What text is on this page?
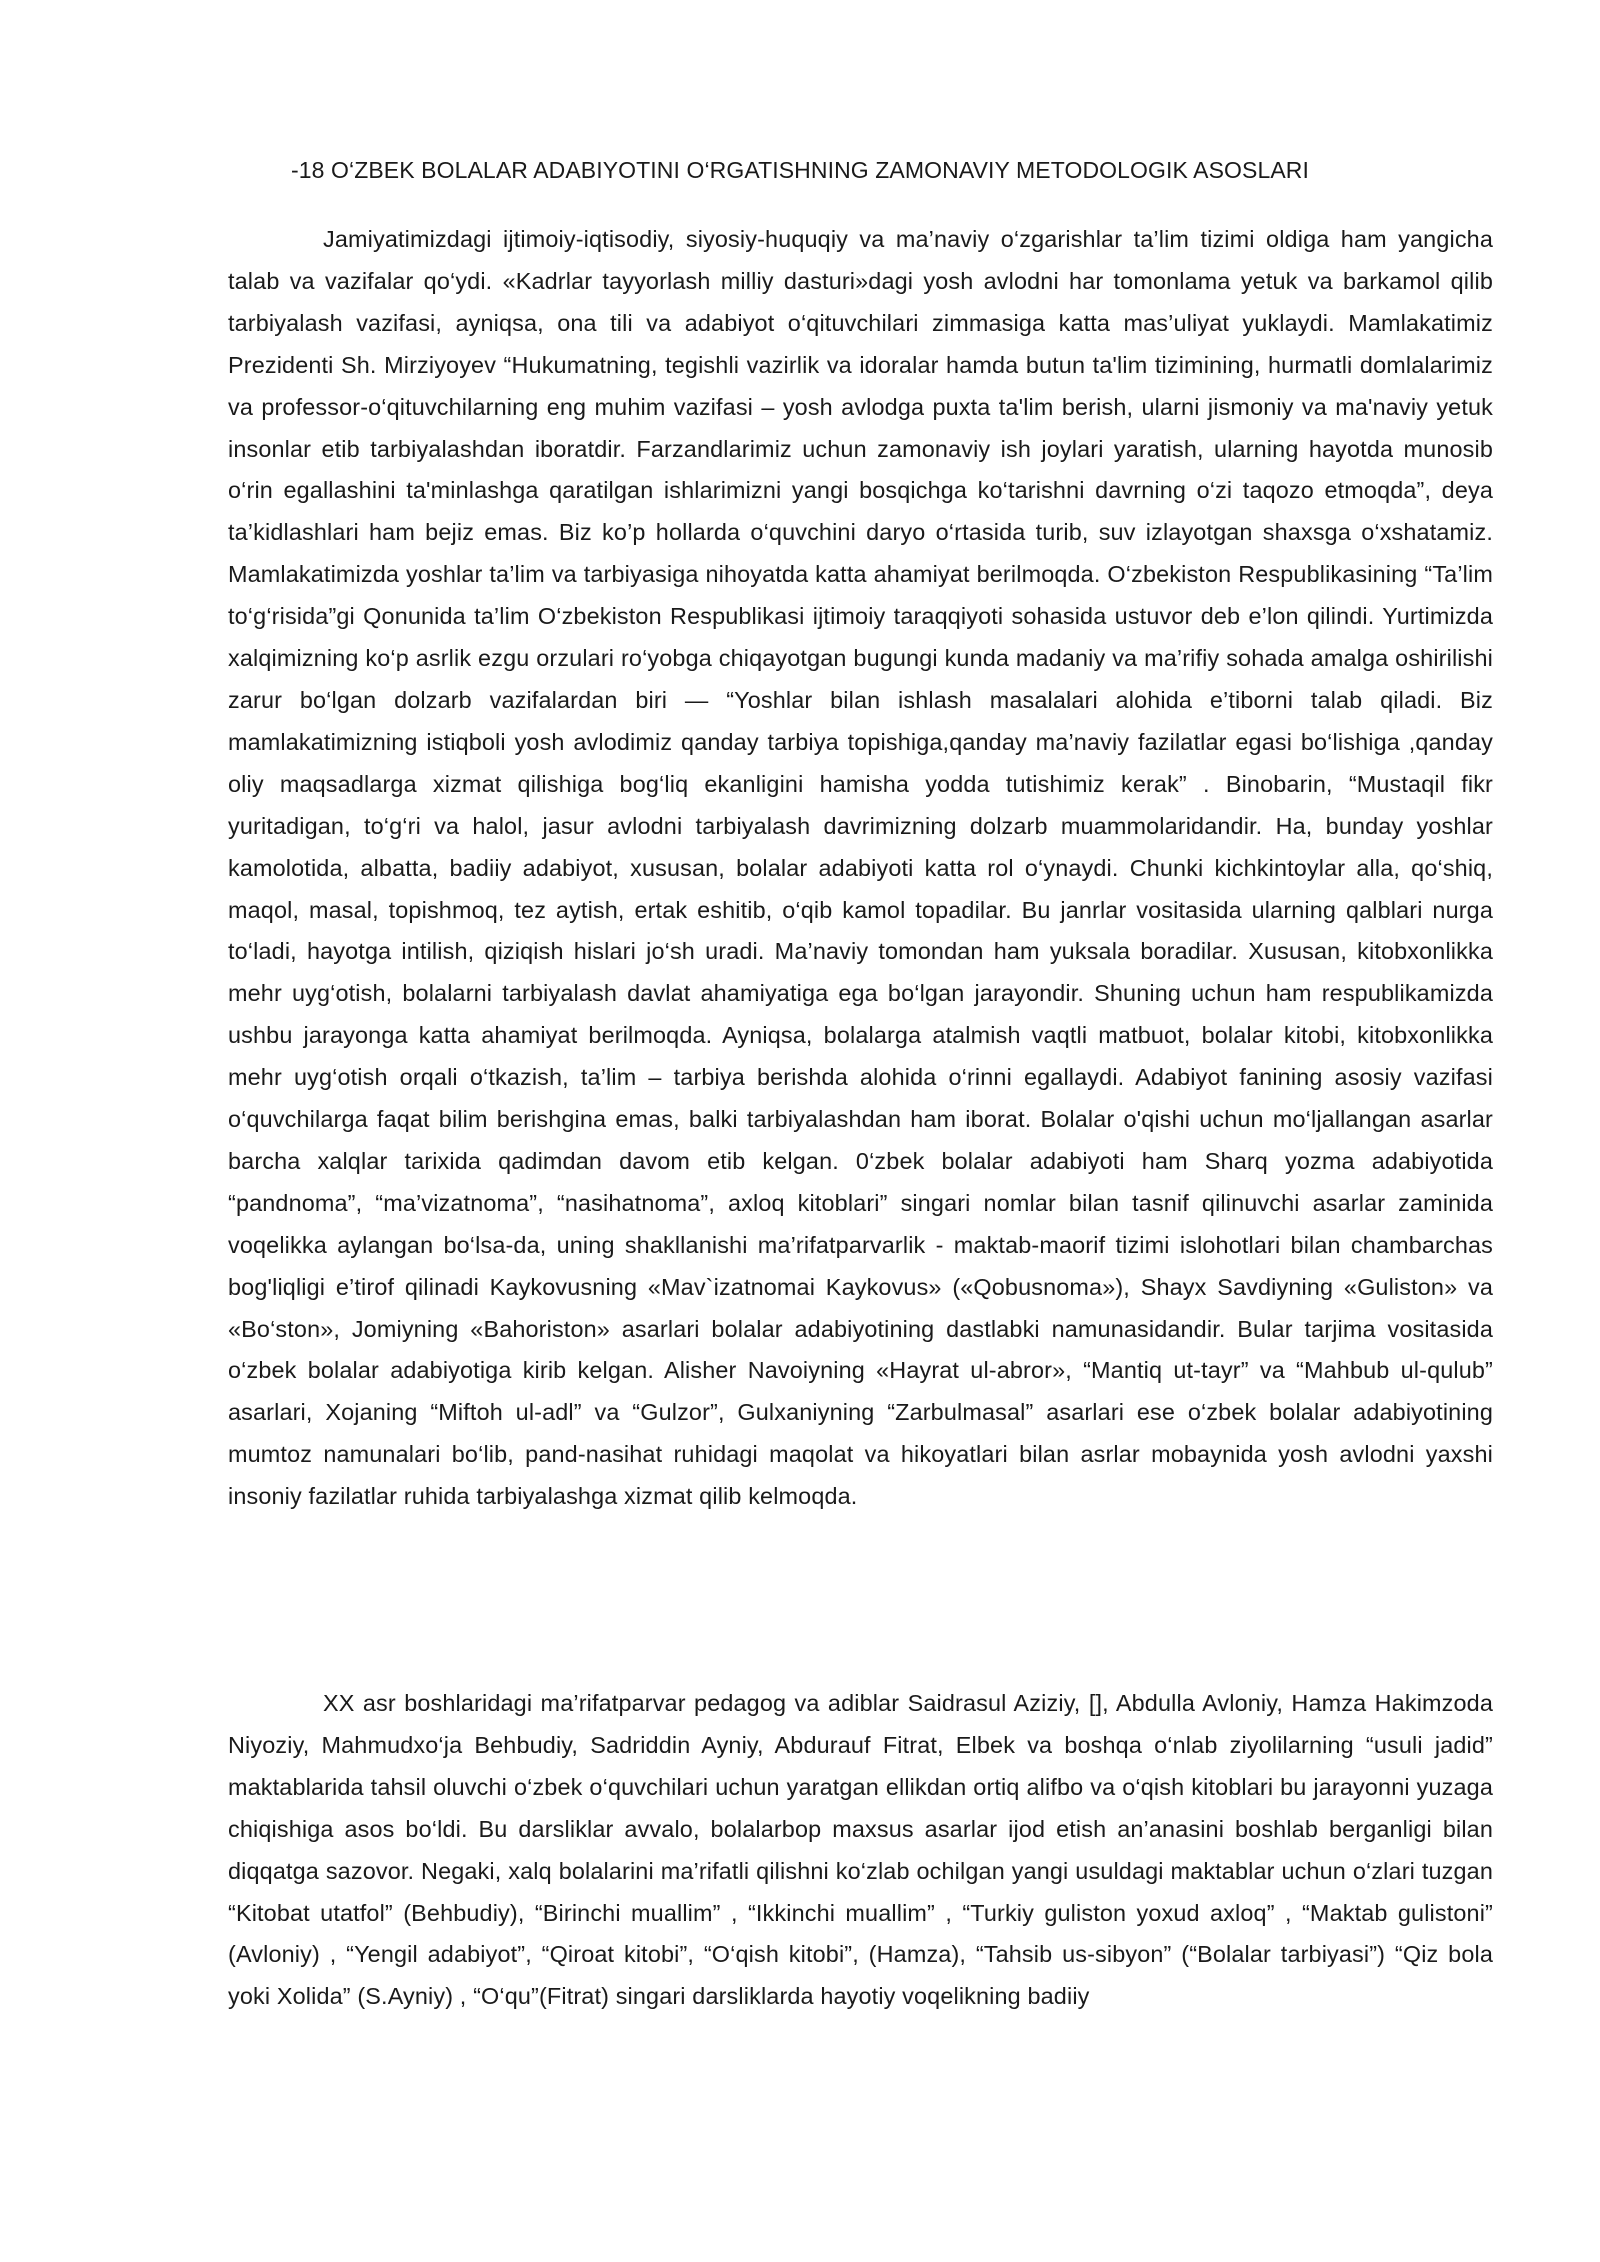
-18 O‘ZBEK BOLALAR ADABIYOTINI O‘RGATISHNING ZAMONAVIY METODOLOGIK ASOSLARI

Jamiyatimizdagi ijtimoiy-iqtisodiy, siyosiy-huquqiy va ma’naviy o‘zgarishlar ta’lim tizimi oldiga ham yangicha talab va vazifalar qo‘ydi. «Kadrlar tayyorlash milliy dasturi»dagi yosh avlodni har tomonlama yetuk va barkamol qilib tarbiyalash vazifasi, ayniqsa, ona tili va adabiyot o‘qituvchilari zimmasiga katta mas’uliyat yuklaydi. Mamlakatimiz Prezidenti Sh. Mirziyoyev “Hukumatning, tegishli vazirlik va idoralar hamda butun ta'lim tizimining, hurmatli domlalarimiz va professor-o‘qituvchilarning eng muhim vazifasi – yosh avlodga puxta ta'lim berish, ularni jismoniy va ma'naviy yetuk insonlar etib tarbiyalashdan iboratdir. Farzandlarimiz uchun zamonaviy ish joylari yaratish, ularning hayotda munosib o‘rin egallashini ta'minlashga qaratilgan ishlarimizni yangi bosqichga ko‘tarishni davrning o‘zi taqozo etmoqda”, deya ta’kidlashlari ham bejiz emas. Biz ko’p hollarda o‘quvchini daryo o‘rtasida turib, suv izlayotgan shaxsga o‘xshatamiz. Mamlakatimizda yoshlar ta’lim va tarbiyasiga nihoyatda katta ahamiyat berilmoqda. O‘zbekiston Respublikasining “Ta’lim to‘g‘risida”gi Qonunida ta’lim O‘zbekiston Respublikasi ijtimoiy taraqqiyoti sohasida ustuvor deb e’lon qilindi. Yurtimizda xalqimizning ko‘p asrlik ezgu orzulari ro‘yobga chiqayotgan bugungi kunda madaniy va ma’rifiy sohada amalga oshirilishi zarur bo‘lgan dolzarb vazifalardan biri — “Yoshlar bilan ishlash masalalari alohida e’tiborni talab qiladi. Biz mamlakatimizning istiqboli yosh avlodimiz qanday tarbiya topishiga,qanday ma’naviy fazilatlar egasi bo‘lishiga ,qanday oliy maqsadlarga xizmat qilishiga bog‘liq ekanligini hamisha yodda tutishimiz kerak” . Binobarin, “Mustaqil fikr yuritadigan, to‘g‘ri va halol, jasur avlodni tarbiyalash davrimizning dolzarb muammolaridandir. Ha, bunday yoshlar kamolotida, albatta, badiiy adabiyot, xususan, bolalar adabiyoti katta rol o‘ynaydi. Chunki kichkintoylar alla, qo‘shiq, maqol, masal, topishmoq, tez aytish, ertak eshitib, o‘qib kamol topadilar. Bu janrlar vositasida ularning qalblari nurga to‘ladi, hayotga intilish, qiziqish hislari jo‘sh uradi. Ma’naviy tomondan ham yuksala boradilar. Xususan, kitobxonlikka mehr uyg‘otish, bolalarni tarbiyalash davlat ahamiyatiga ega bo‘lgan jarayondir. Shuning uchun ham respublikamizda ushbu jarayonga katta ahamiyat berilmoqda. Ayniqsa, bolalarga atalmish vaqtli matbuot, bolalar kitobi, kitobxonlikka mehr uyg‘otish orqali o‘tkazish, ta’lim – tarbiya berishda alohida o‘rinni egallaydi. Adabiyot fanining asosiy vazifasi o‘quvchilarga faqat bilim berishgina emas, balki tarbiyalashdan ham iborat. Bolalar o'qishi uchun mo‘ljallangan asarlar barcha xalqlar tarixida qadimdan davom etib kelgan. 0‘zbek bolalar adabiyoti ham Sharq yozma adabiyotida “pandnoma”, “ma’vizatnoma”, “nasihatnoma”, axloq kitoblari” singari nomlar bilan tasnif qilinuvchi asarlar zaminida voqelikka aylangan bo‘lsa-da, uning shakllanishi ma’rifatparvarlik - maktab-maorif tizimi islohotlari bilan chambarchas bog'liqligi e’tirof qilinadi Kaykovusning «Mav`izatnomai Kaykovus» («Qobusnoma»), Shayx Savdiyning «Guliston» va «Bo‘ston», Jomiyning «Bahoriston» asarlari bolalar adabiyotining dastlabki namunasidandir. Bular tarjima vositasida o‘zbek bolalar adabiyotiga kirib kelgan. Alisher Navoiyning «Hayrat ul-abror», “Mantiq ut-tayr” va “Mahbub ul-qulub” asarlari, Xojaning “Miftoh ul-adl” va “Gulzor”, Gulxaniyning “Zarbulmasal” asarlari ese o‘zbek bolalar adabiyotining mumtoz namunalari bo‘lib, pand-nasihat ruhidagi maqolat va hikoyatlari bilan asrlar mobaynida yosh avlodni yaxshi insoniy fazilatlar ruhida tarbiyalashga xizmat qilib kelmoqda.

XX asr boshlaridagi ma’rifatparvar pedagog va adiblar Saidrasul Aziziy, [], Abdulla Avloniy, Hamza Hakimzoda Niyoziy, Mahmudxo‘ja Behbudiy, Sadriddin Ayniy, Abdurauf Fitrat, Elbek va boshqa o‘nlab ziyolilarning “usuli jadid” maktablarida tahsil oluvchi o‘zbek o‘quvchilari uchun yaratgan ellikdan ortiq alifbo va o‘qish kitoblari bu jarayonni yuzaga chiqishiga asos bo‘ldi. Bu darsliklar avvalo, bolalarbop maxsus asarlar ijod etish an’anasini boshlab berganligi bilan diqqatga sazovor. Negaki, xalq bolalarini ma’rifatli qilishni ko‘zlab ochilgan yangi usuldagi maktablar uchun o‘zlari tuzgan “Kitobat utatfol” (Behbudiy), “Birinchi muallim” , “Ikkinchi muallim” , “Turkiy guliston yoxud axloq” , “Maktab gulistoni” (Avloniy) , “Yengil adabiyot”, “Qiroat kitobi”, “O‘qish kitobi”, (Hamza), “Tahsib us-sibyon” (“Bolalar tarbiyasi”) “Qiz bola yoki Xolida” (S.Ayniy) , “O‘qu”(Fitrat) singari darsliklarda hayotiy voqelikning badiiy
